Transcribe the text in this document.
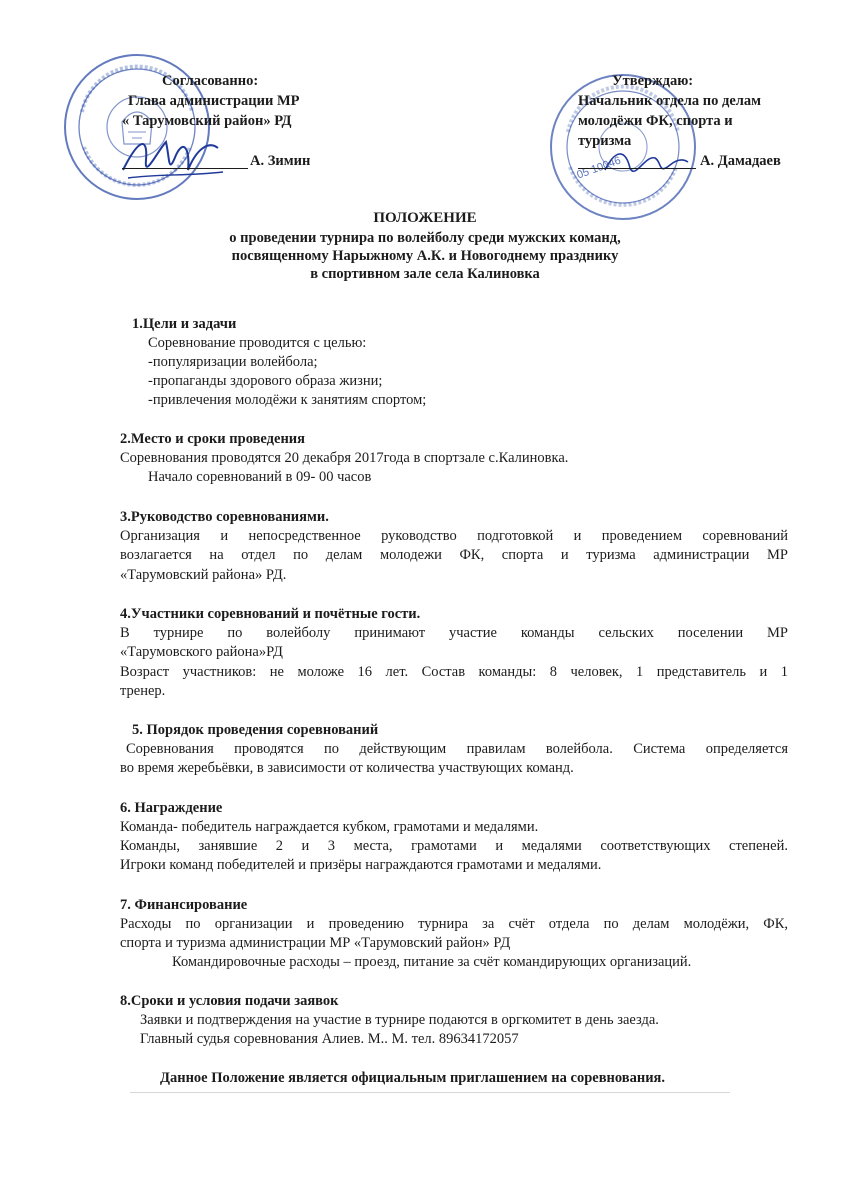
Согласованно:
Глава администрации МР
« Тарумовский район» РД
А. Зимин	05 10046
Утверждаю:
Начальник отдела по делам
молодёжи ФК, спорта и
туризма
А. Дамадаев
ПОЛОЖЕНИЕ
о проведении турнира по волейболу среди мужских команд,
посвященному Нарыжному А.К. и Новогоднему празднику
в спортивном зале села Калиновка
1.Цели и задачи
Соревнование проводится с целью:
-популяризации волейбола;
-пропаганды здорового образа жизни;
-привлечения молодёжи к занятиям спортом;
2.Место и сроки проведения
Соревнования проводятся 20 декабря 2017года в спортзале с.Калиновка.
Начало соревнований в 09- 00 часов
3.Руководство соревнованиями.
Организация и непосредственное руководство подготовкой и проведением соревнований
возлагается на отдел по делам молодежи ФК, спорта и туризма администрации МР
«Тарумовский района» РД.
4.Участники соревнований и почётные гости.
В турнире по волейболу принимают участие команды сельских поселении МР
«Тарумовского района»РД
Возраст участников: не моложе 16 лет. Состав команды: 8 человек, 1 представитель и 1
тренер.
5. Порядок проведения соревнований
Соревнования проводятся по действующим правилам волейбола. Система определяется
во время жеребьёвки, в зависимости от количества участвующих команд.
6. Награждение
Команда- победитель награждается кубком, грамотами и медалями.
Команды, занявшие 2 и 3 места, грамотами и медалями соответствующих степеней.
Игроки команд победителей и призёры награждаются грамотами и медалями.
7. Финансирование
Расходы по организации и проведению турнира за счёт отдела по делам молодёжи, ФК,
спорта и туризма администрации МР «Тарумовский район» РД
Командировочные расходы – проезд, питание за счёт командирующих организаций.
8.Сроки и условия подачи заявок
Заявки и подтверждения на участие в турнире подаются в оргкомитет в день заезда.
Главный судья соревнования Алиев. М.. М. тел. 89634172057
Данное Положение является официальным приглашением на соревнования.
